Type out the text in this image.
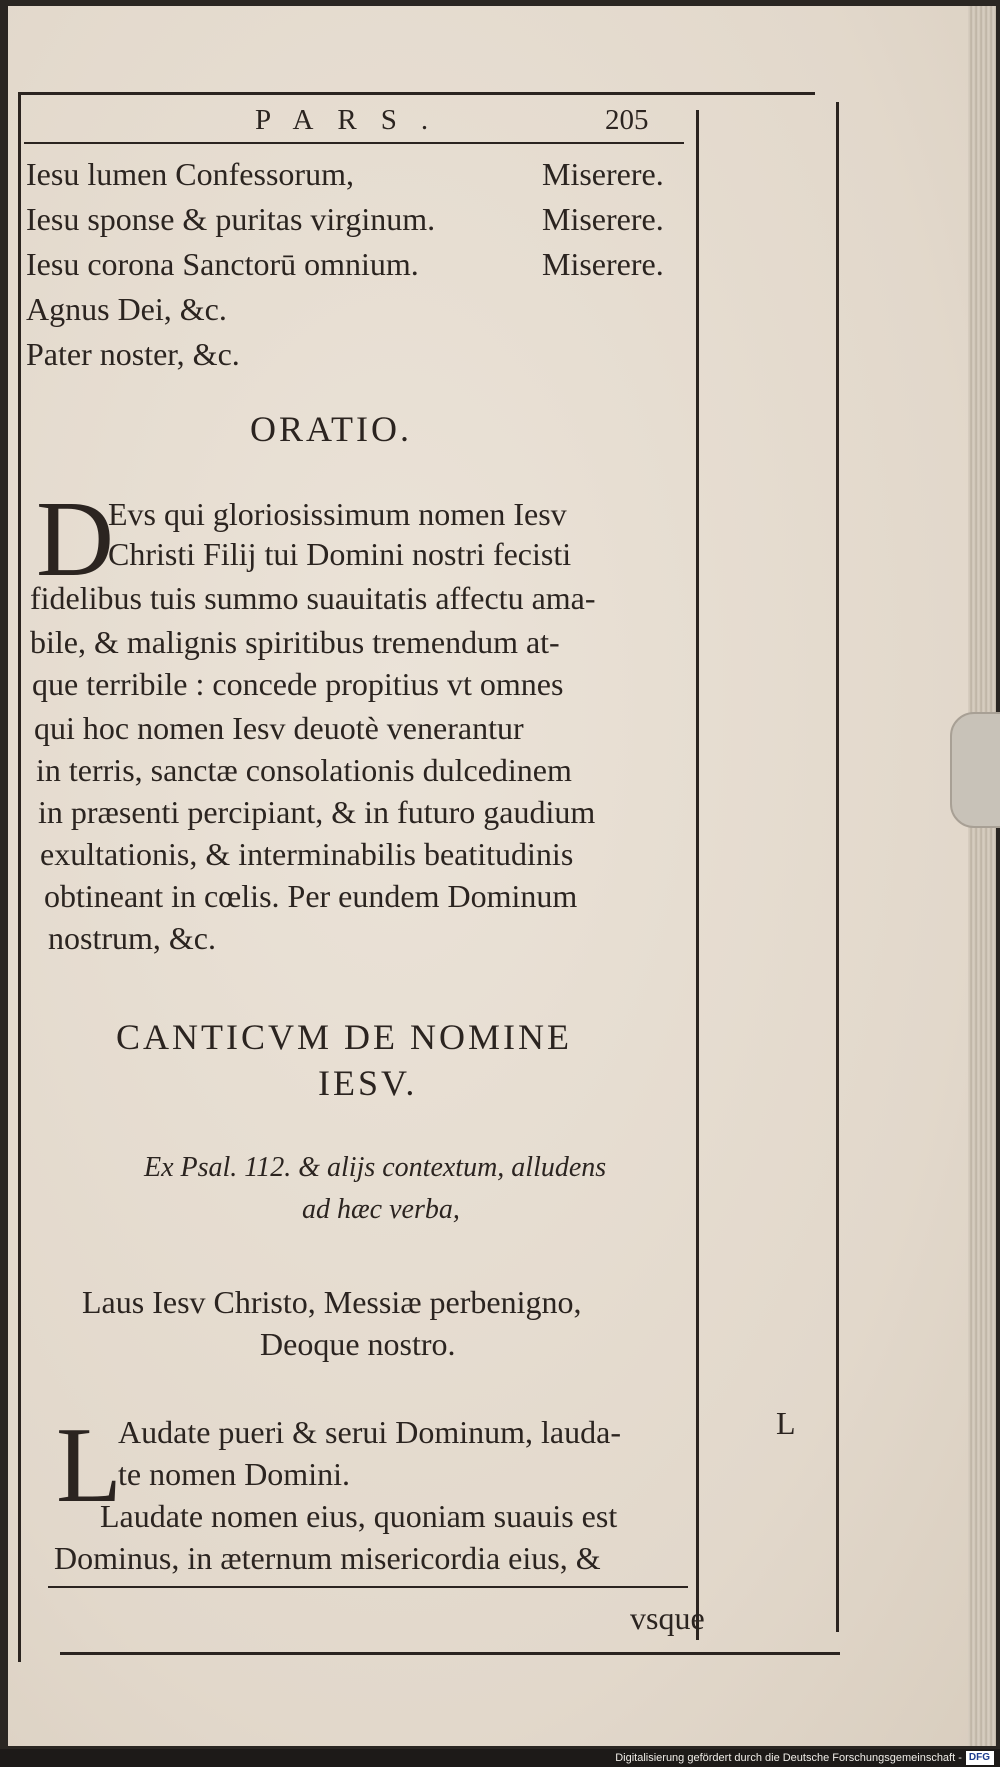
PARS.	205
Iesu lumen Confessorum,	Miserere.
Iesu sponse & puritas virginum.	Miserere.
Iesu corona Sanctorū omnium.	Miserere.
Agnus Dei, &c.
Pater noster, &c.
ORATIO.
D
Evs qui gloriosissimum nomen Iesv
Christi Filij tui Domini nostri fecisti
fidelibus tuis summo suauitatis affectu ama-
bile, & malignis spiritibus tremendum at-
que terribile : concede propitius vt omnes
qui hoc nomen Iesv deuotè venerantur
in terris, sanctæ consolationis dulcedinem
in præsenti percipiant, & in futuro gaudium
exultationis, & interminabilis beatitudinis
obtineant in cœlis. Per eundem Dominum
nostrum, &c.
CANTICVM DE NOMINE
IESV.
Ex Psal. 112. & alijs contextum, alludens
ad hæc verba,
Laus Iesv Christo, Messiæ perbenigno,
Deoque nostro.
L
Audate pueri & serui Dominum, lauda-
te nomen Domini.
Laudate nomen eius, quoniam suauis est
Dominus, in æternum misericordia eius, &
vsque
L
Digitalisierung gefördert durch die Deutsche Forschungsgemeinschaft - DFG
